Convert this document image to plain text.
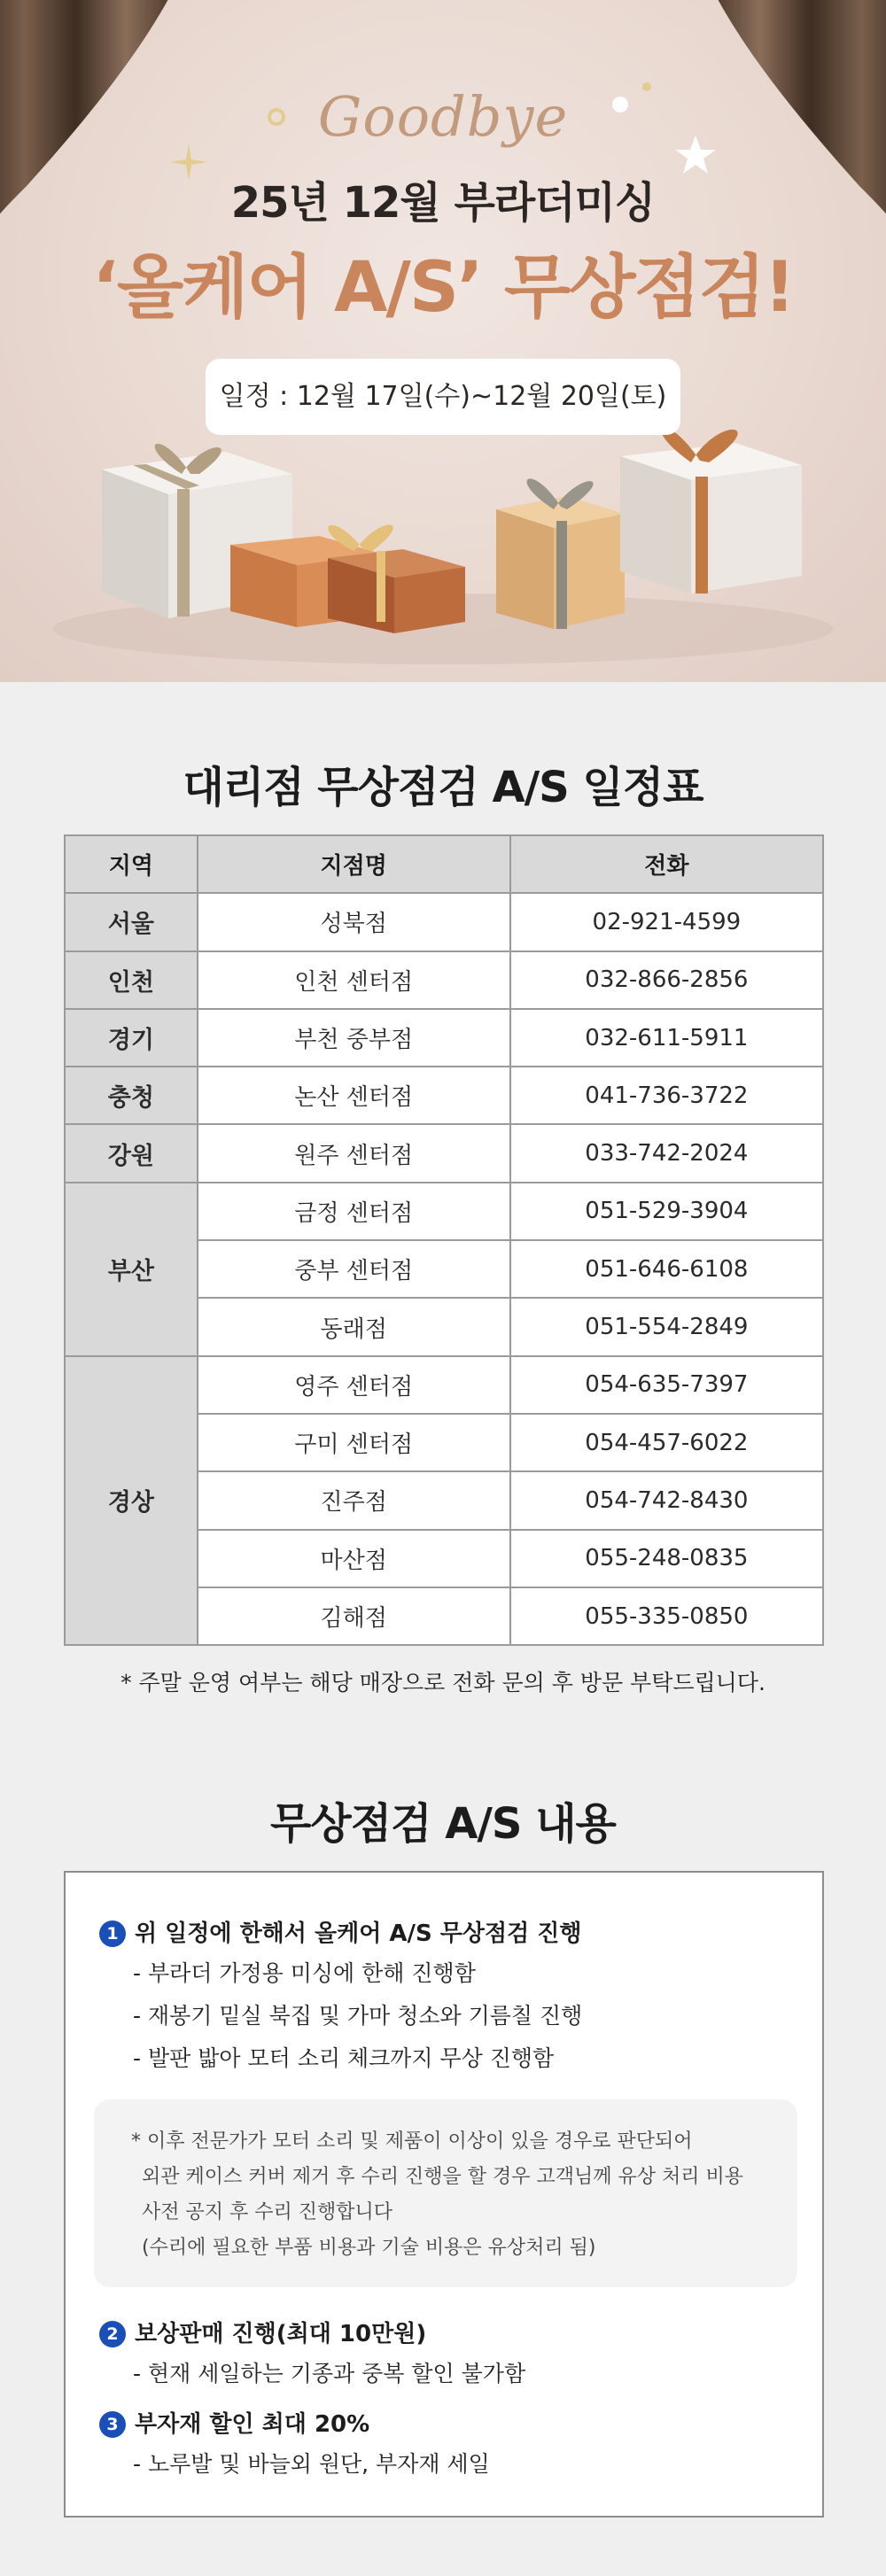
Goodbye
25년 12월 부라더미싱
‘올케어 A/S’ 무상점검!
일정 : 12월 17일(수)~12월 20일(토)
대리점 무상점검 A/S 일정표
지역	지점명	전화
서울	성북점	02-921-4599
인천	인천 센터점	032-866-2856
경기	부천 중부점	032-611-5911
충청	논산 센터점	041-736-3722
강원	원주 센터점	033-742-2024
부산	금정 센터점	051-529-3904
	중부 센터점	051-646-6108
	동래점	051-554-2849
경상	영주 센터점	054-635-7397
	구미 센터점	054-457-6022
	진주점	054-742-8430
	마산점	055-248-0835
	김해점	055-335-0850
* 주말 운영 여부는 해당 매장으로 전화 문의 후 방문 부탁드립니다.
무상점검 A/S 내용
1 위 일정에 한해서 올케어 A/S 무상점검 진행
- 부라더 가정용 미싱에 한해 진행함
- 재봉기 밑실 북집 및 가마 청소와 기름칠 진행
- 발판 밟아 모터 소리 체크까지 무상 진행함

* 이후 전문가가 모터 소리 및 제품이 이상이 있을 경우로 판단되어

외관 케이스 커버 제거 후 수리 진행을 할 경우 고객님께 유상 처리 비용

사전 공지 후 수리 진행합니다

(수리에 필요한 부품 비용과 기술 비용은 유상처리 됨)

2 보상판매 진행(최대 10만원)
- 현재 세일하는 기종과 중복 할인 불가함
3 부자재 할인 최대 20%
- 노루발 및 바늘외 원단, 부자재 세일
